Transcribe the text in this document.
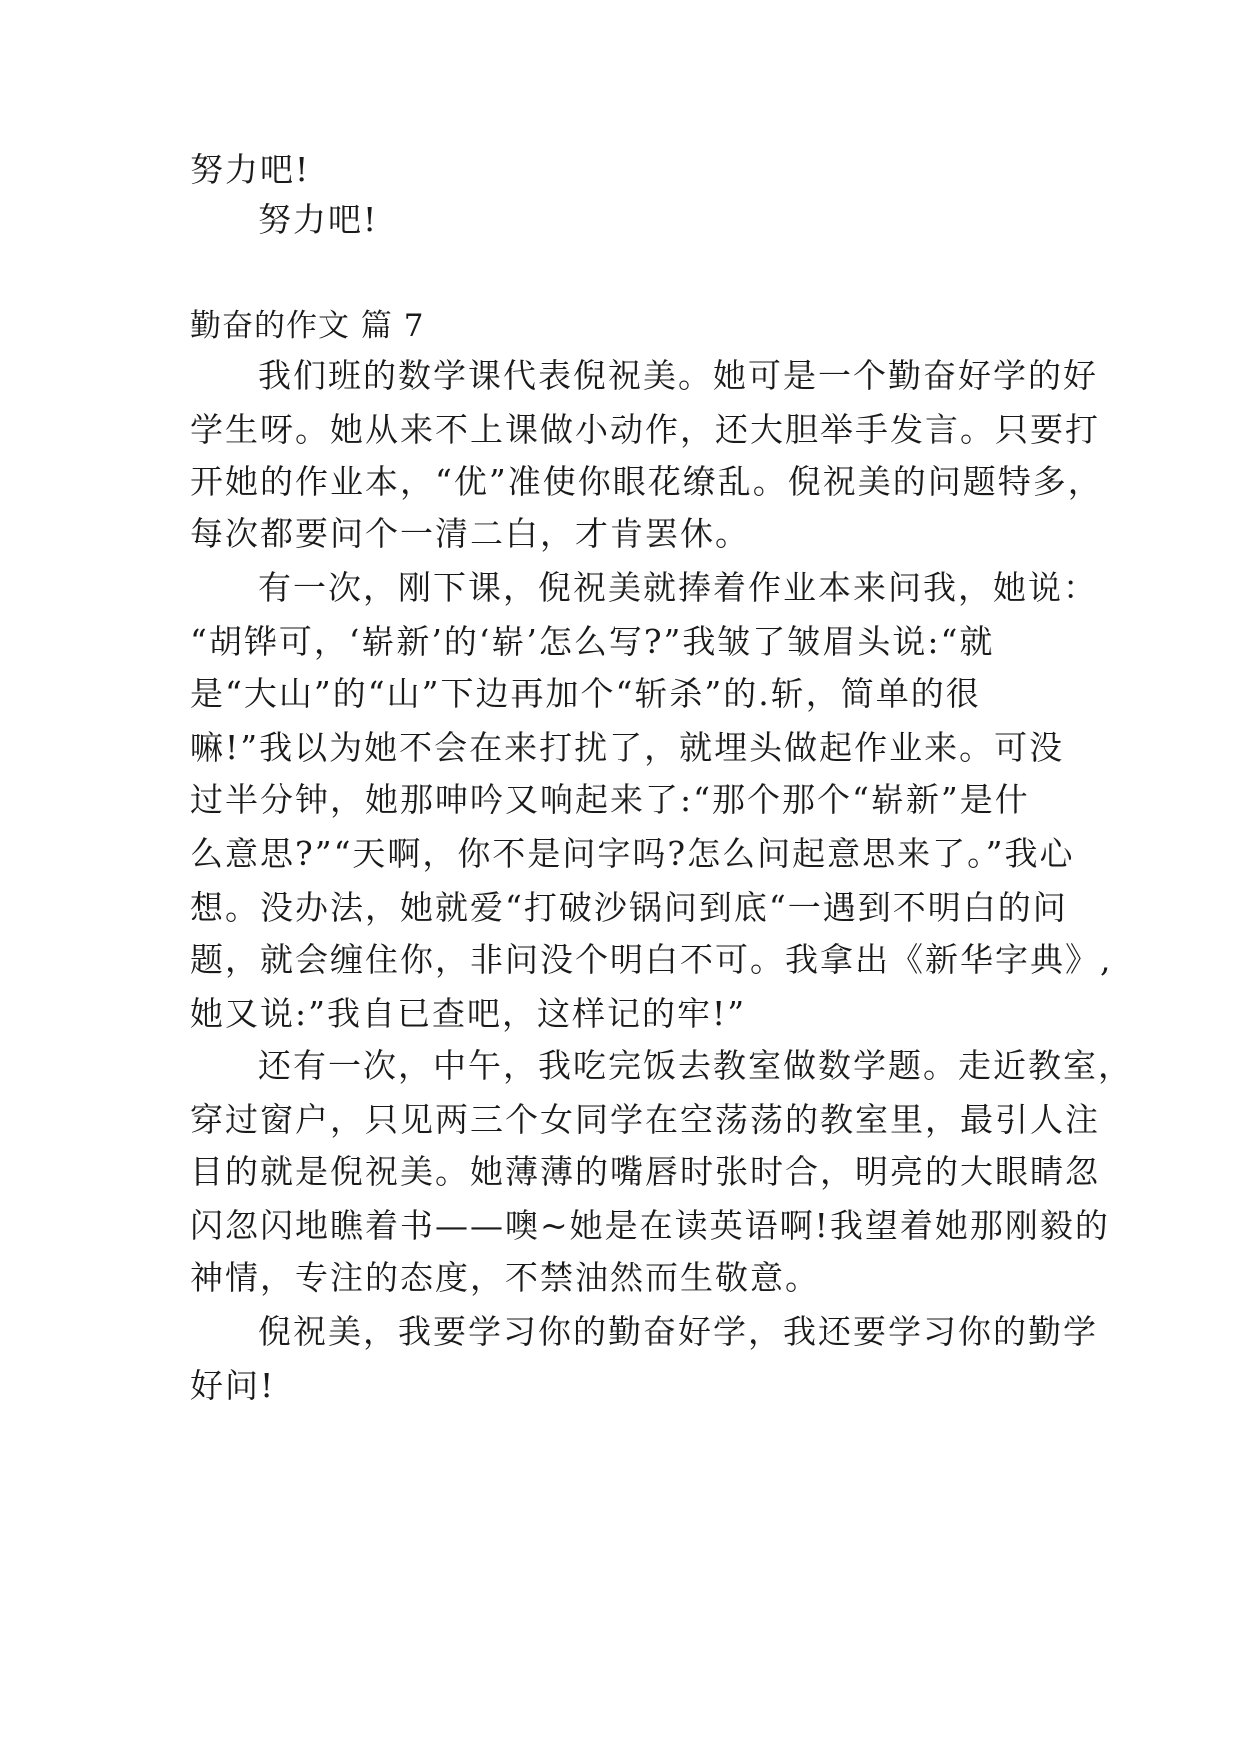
努力吧!
努力吧!
勤奋的作文 篇 7
我们班的数学课代表倪祝美。她可是一个勤奋好学的好
学生呀。她从来不上课做小动作，还大胆举手发言。只要打
开她的作业本，“优”准使你眼花缭乱。倪祝美的问题特多，
每次都要问个一清二白，才肯罢休。
有一次，刚下课，倪祝美就捧着作业本来问我，她说：
“胡铧可，‘崭新’的‘崭’怎么写?”我皱了皱眉头说:“就
是“大山”的“山”下边再加个“斩杀”的.斩，简单的很
嘛!”我以为她不会在来打扰了，就埋头做起作业来。可没
过半分钟，她那呻吟又响起来了:“那个那个“崭新”是什
么意思?”“天啊，你不是问字吗?怎么问起意思来了。”我心
想。没办法，她就爱“打破沙锅问到底“一遇到不明白的问
题，就会缠住你，非问没个明白不可。我拿出《新华字典》,
她又说:”我自已查吧，这样记的牢!”
还有一次，中午，我吃完饭去教室做数学题。走近教室，
穿过窗户，只见两三个女同学在空荡荡的教室里，最引人注
目的就是倪祝美。她薄薄的嘴唇时张时合，明亮的大眼睛忽
闪忽闪地瞧着书——噢~她是在读英语啊!我望着她那刚毅的
神情，专注的态度，不禁油然而生敬意。
倪祝美，我要学习你的勤奋好学，我还要学习你的勤学
好问!
